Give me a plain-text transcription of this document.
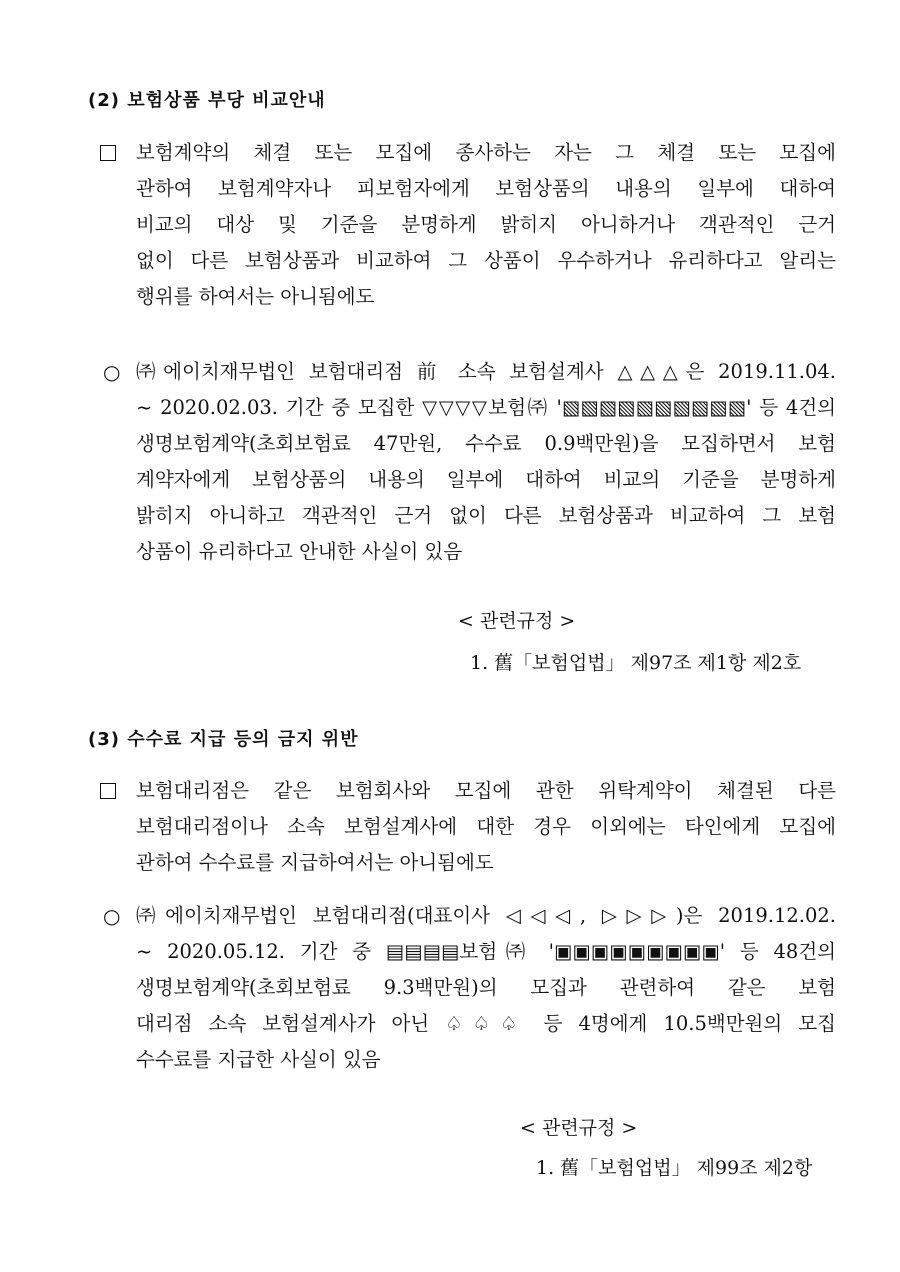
(2) 보험상품 부당 비교안내
보험계약의 체결 또는 모집에 종사하는 자는 그 체결 또는 모집에
관하여 보험계약자나 피보험자에게 보험상품의 내용의 일부에 대하여
비교의 대상 및 기준을 분명하게 밝히지 아니하거나 객관적인 근거
없이 다른 보험상품과 비교하여 그 상품이 우수하거나 유리하다고 알리는
행위를 하여서는 아니됨에도
○ ㈜에이치재무법인 보험대리점 前 소속 보험설계사 △△△은 2019.11.04.
~ 2020.02.03. 기간 중 모집한 ▽▽▽▽보험㈜ '▧▧▧▧▧▧▧▧▧▧' 등 4건의
생명보험계약(초회보험료 47만원, 수수료 0.9백만원)을 모집하면서 보험
계약자에게 보험상품의 내용의 일부에 대하여 비교의 기준을 분명하게
밝히지 아니하고 객관적인 근거 없이 다른 보험상품과 비교하여 그 보험
상품이 유리하다고 안내한 사실이 있음
< 관련규정 >
1. 舊「보험업법」 제97조 제1항 제2호
(3) 수수료 지급 등의 금지 위반
보험대리점은 같은 보험회사와 모집에 관한 위탁계약이 체결된 다른
보험대리점이나 소속 보험설계사에 대한 경우 이외에는 타인에게 모집에
관하여 수수료를 지급하여서는 아니됨에도
○ ㈜에이치재무법인 보험대리점(대표이사 ◁◁◁, ▷▷▷)은 2019.12.02.
~ 2020.05.12. 기간 중 ▤▤▤▤보험㈜ '▣▣▣▣▣▣▣▣▣' 등 48건의
생명보험계약(초회보험료 9.3백만원)의 모집과 관련하여 같은 보험
대리점 소속 보험설계사가 아닌 ♤♤♤ 등 4명에게 10.5백만원의 모집
수수료를 지급한 사실이 있음
< 관련규정 >
1. 舊「보험업법」 제99조 제2항
